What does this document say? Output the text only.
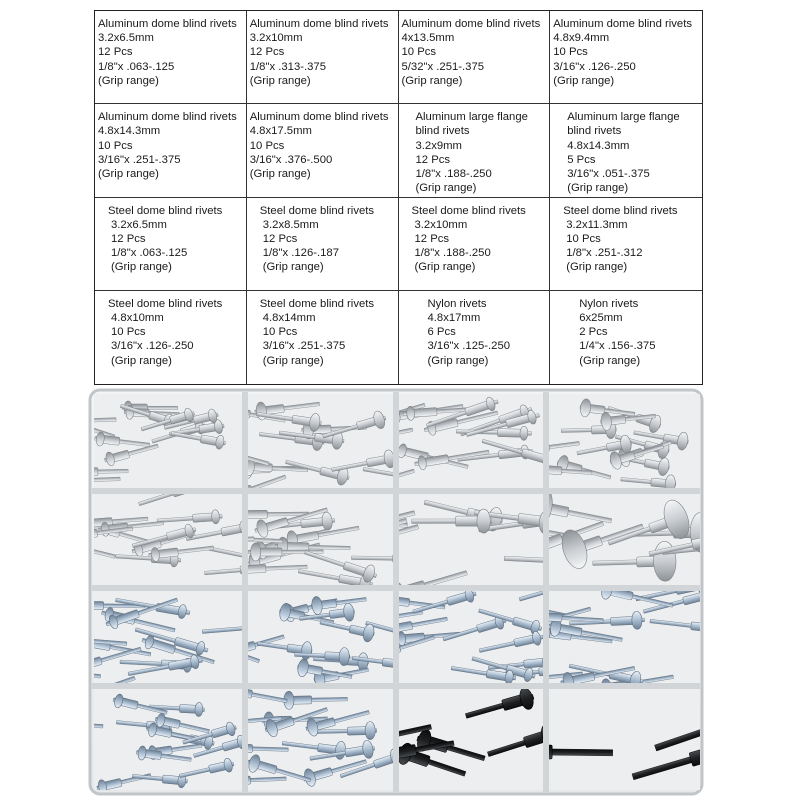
Aluminum dome blind rivets
3.2x6.5mm
12 Pcs
1/8"x .063-.125
(Grip range)
Aluminum dome blind rivets
3.2x10mm
12 Pcs
1/8"x .313-.375
(Grip range)
Aluminum dome blind rivets
4x13.5mm
10 Pcs
5/32"x .251-.375
(Grip range)
Aluminum dome blind rivets
4.8x9.4mm
10 Pcs
3/16"x .126-.250
(Grip range)
Aluminum dome blind rivets
4.8x14.3mm
10 Pcs
3/16"x .251-.375
(Grip range)
Aluminum dome blind rivets
4.8x17.5mm
10 Pcs
3/16"x .376-.500
(Grip range)
Aluminum large flange
blind rivets
3.2x9mm
12 Pcs
1/8"x .188-.250
(Grip range)
Aluminum large flange
blind rivets
4.8x14.3mm
5 Pcs
3/16"x .051-.375
(Grip range)
Steel dome blind rivets
3.2x6.5mm
12 Pcs
1/8"x .063-.125
(Grip range)
Steel dome blind rivets
3.2x8.5mm
12 Pcs
1/8"x .126-.187
(Grip range)
Steel dome blind rivets
3.2x10mm
12 Pcs
1/8"x .188-.250
(Grip range)
Steel dome blind rivets
3.2x11.3mm
10 Pcs
1/8"x .251-.312
(Grip range)
Steel dome blind rivets
4.8x10mm
10 Pcs
3/16"x .126-.250
(Grip range)
Steel dome blind rivets
4.8x14mm
10 Pcs
3/16"x .251-.375
(Grip range)
Nylon rivets
4.8x17mm
6 Pcs
3/16"x .125-.250
(Grip range)
Nylon rivets
6x25mm
2 Pcs
1/4"x .156-.375
(Grip range)
